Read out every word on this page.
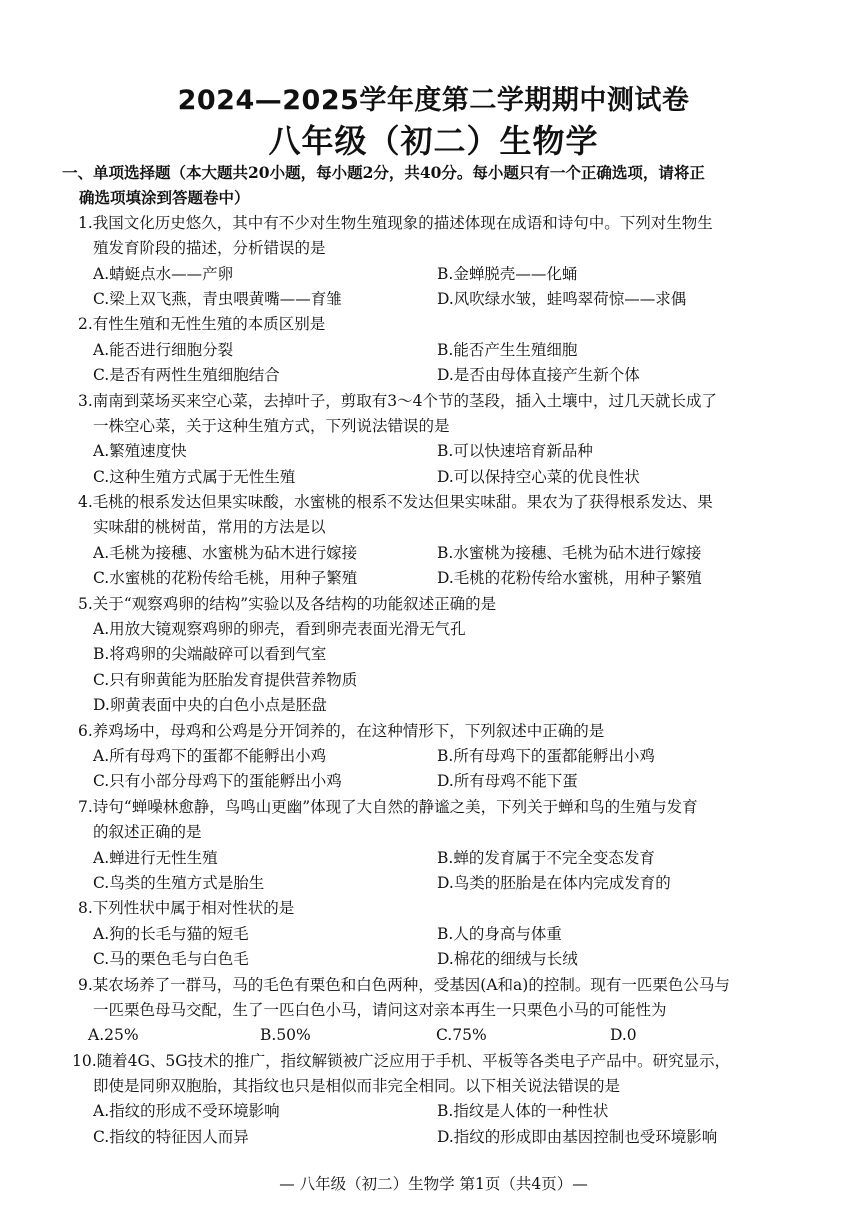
2024—2025学年度第二学期期中测试卷
八年级（初二）生物学
一、单项选择题（本大题共20小题，每小题2分，共40分。每小题只有一个正确选项，请将正
确选项填涂到答题卷中）
1.我国文化历史悠久，其中有不少对生物生殖现象的描述体现在成语和诗句中。下列对生物生
殖发育阶段的描述，分析错误的是
A.蜻蜓点水——产卵	B.金蝉脱壳——化蛹
C.梁上双飞燕，青虫喂黄嘴——育雏	D.风吹绿水皱，蛙鸣翠荷惊——求偶
2.有性生殖和无性生殖的本质区别是
A.能否进行细胞分裂	B.能否产生生殖细胞
C.是否有两性生殖细胞结合	D.是否由母体直接产生新个体
3.南南到菜场买来空心菜，去掉叶子，剪取有3～4个节的茎段，插入土壤中，过几天就长成了
一株空心菜，关于这种生殖方式，下列说法错误的是
A.繁殖速度快	B.可以快速培育新品种
C.这种生殖方式属于无性生殖	D.可以保持空心菜的优良性状
4.毛桃的根系发达但果实味酸，水蜜桃的根系不发达但果实味甜。果农为了获得根系发达、果
实味甜的桃树苗，常用的方法是以
A.毛桃为接穗、水蜜桃为砧木进行嫁接	B.水蜜桃为接穗、毛桃为砧木进行嫁接
C.水蜜桃的花粉传给毛桃，用种子繁殖	D.毛桃的花粉传给水蜜桃，用种子繁殖
5.关于“观察鸡卵的结构”实验以及各结构的功能叙述正确的是
A.用放大镜观察鸡卵的卵壳，看到卵壳表面光滑无气孔
B.将鸡卵的尖端敲碎可以看到气室
C.只有卵黄能为胚胎发育提供营养物质
D.卵黄表面中央的白色小点是胚盘
6.养鸡场中，母鸡和公鸡是分开饲养的，在这种情形下，下列叙述中正确的是
A.所有母鸡下的蛋都不能孵出小鸡	B.所有母鸡下的蛋都能孵出小鸡
C.只有小部分母鸡下的蛋能孵出小鸡	D.所有母鸡不能下蛋
7.诗句“蝉噪林愈静，鸟鸣山更幽”体现了大自然的静谧之美，下列关于蝉和鸟的生殖与发育
的叙述正确的是
A.蝉进行无性生殖	B.蝉的发育属于不完全变态发育
C.鸟类的生殖方式是胎生	D.鸟类的胚胎是在体内完成发育的
8.下列性状中属于相对性状的是
A.狗的长毛与猫的短毛	B.人的身高与体重
C.马的栗色毛与白色毛	D.棉花的细绒与长绒
9.某农场养了一群马，马的毛色有栗色和白色两种，受基因(A和a)的控制。现有一匹栗色公马与
一匹栗色母马交配，生了一匹白色小马，请问这对亲本再生一只栗色小马的可能性为
A.25%	B.50%	C.75%	D.0
10.随着4G、5G技术的推广，指纹解锁被广泛应用于手机、平板等各类电子产品中。研究显示，
即使是同卵双胞胎，其指纹也只是相似而非完全相同。以下相关说法错误的是
A.指纹的形成不受环境影响	B.指纹是人体的一种性状
C.指纹的特征因人而异	D.指纹的形成即由基因控制也受环境影响
— 八年级（初二）生物学 第1页（共4页）—
